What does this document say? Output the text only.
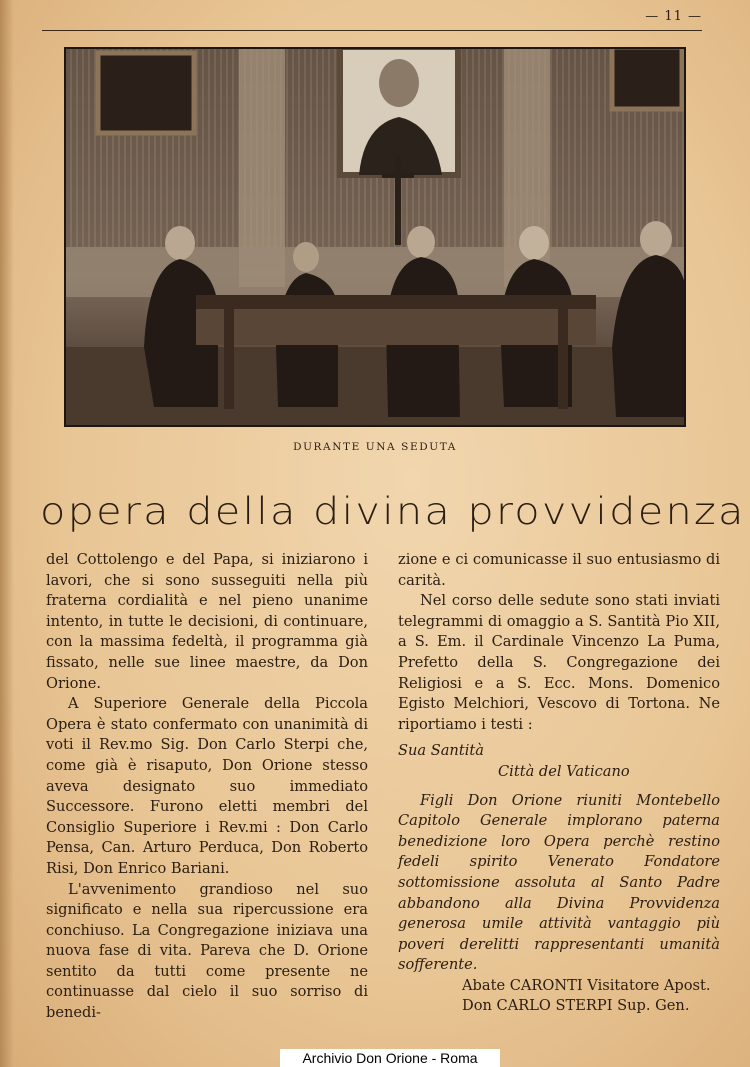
— 11 —
DURANTE UNA SEDUTA
opera della divina provvidenza

del Cottolengo e del Papa, si iniziarono i lavori, che si sono susseguiti nella più fraterna cordialità e nel pieno unanime intento, in tutte le decisioni, di continuare, con la massima fedeltà, il programma già fissato, nelle sue linee maestre, da Don Orione.

A Superiore Generale della Piccola Opera è stato confermato con unanimità di voti il Rev.mo Sig. Don Carlo Sterpi che, come già è risaputo, Don Orione stesso aveva designato suo immediato Successore. Furono eletti membri del Consiglio Superiore i Rev.mi : Don Carlo Pensa, Can. Arturo Perduca, Don Roberto Risi, Don Enrico Bariani.

L'avvenimento grandioso nel suo significato e nella sua ripercussione era conchiuso. La Congregazione iniziava una nuova fase di vita. Pareva che D. Orione sentito da tutti come presente ne continuasse dal cielo il suo sorriso di benedi-

zione e ci comunicasse il suo entusiasmo di carità.

Nel corso delle sedute sono stati inviati telegrammi di omaggio a S. Santità Pio XII, a S. Em. il Cardinale Vincenzo La Puma, Prefetto della S. Congregazione dei Religiosi e a S. Ecc. Mons. Domenico Egisto Melchiori, Vescovo di Tortona. Ne riportiamo i testi :

Sua Santità

Città del Vaticano

Figli Don Orione riuniti Montebello Capitolo Generale implorano paterna benedizione loro Opera perchè restino fedeli spirito Venerato Fondatore sottomissione assoluta al Santo Padre abbandono alla Divina Provvidenza generosa umile attività vantaggio più poveri derelitti rappresentanti umanità sofferente.

Abate CARONTI Visitatore Apost.

Don CARLO STERPI Sup. Gen.

Archivio Don Orione - Roma
